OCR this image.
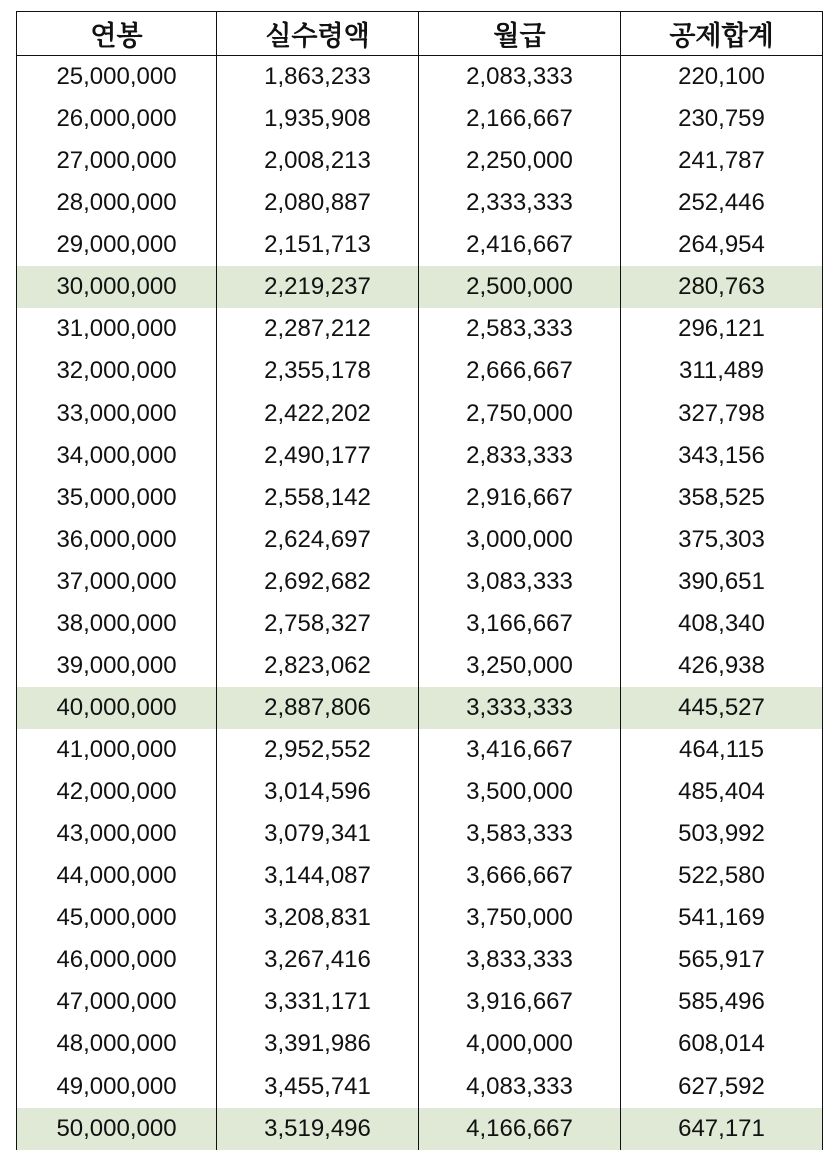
연봉	실수령액	월급	공제합계
25,000,000	1,863,233	2,083,333	220,100
26,000,000	1,935,908	2,166,667	230,759
27,000,000	2,008,213	2,250,000	241,787
28,000,000	2,080,887	2,333,333	252,446
29,000,000	2,151,713	2,416,667	264,954
30,000,000	2,219,237	2,500,000	280,763
31,000,000	2,287,212	2,583,333	296,121
32,000,000	2,355,178	2,666,667	311,489
33,000,000	2,422,202	2,750,000	327,798
34,000,000	2,490,177	2,833,333	343,156
35,000,000	2,558,142	2,916,667	358,525
36,000,000	2,624,697	3,000,000	375,303
37,000,000	2,692,682	3,083,333	390,651
38,000,000	2,758,327	3,166,667	408,340
39,000,000	2,823,062	3,250,000	426,938
40,000,000	2,887,806	3,333,333	445,527
41,000,000	2,952,552	3,416,667	464,115
42,000,000	3,014,596	3,500,000	485,404
43,000,000	3,079,341	3,583,333	503,992
44,000,000	3,144,087	3,666,667	522,580
45,000,000	3,208,831	3,750,000	541,169
46,000,000	3,267,416	3,833,333	565,917
47,000,000	3,331,171	3,916,667	585,496
48,000,000	3,391,986	4,000,000	608,014
49,000,000	3,455,741	4,083,333	627,592
50,000,000	3,519,496	4,166,667	647,171
